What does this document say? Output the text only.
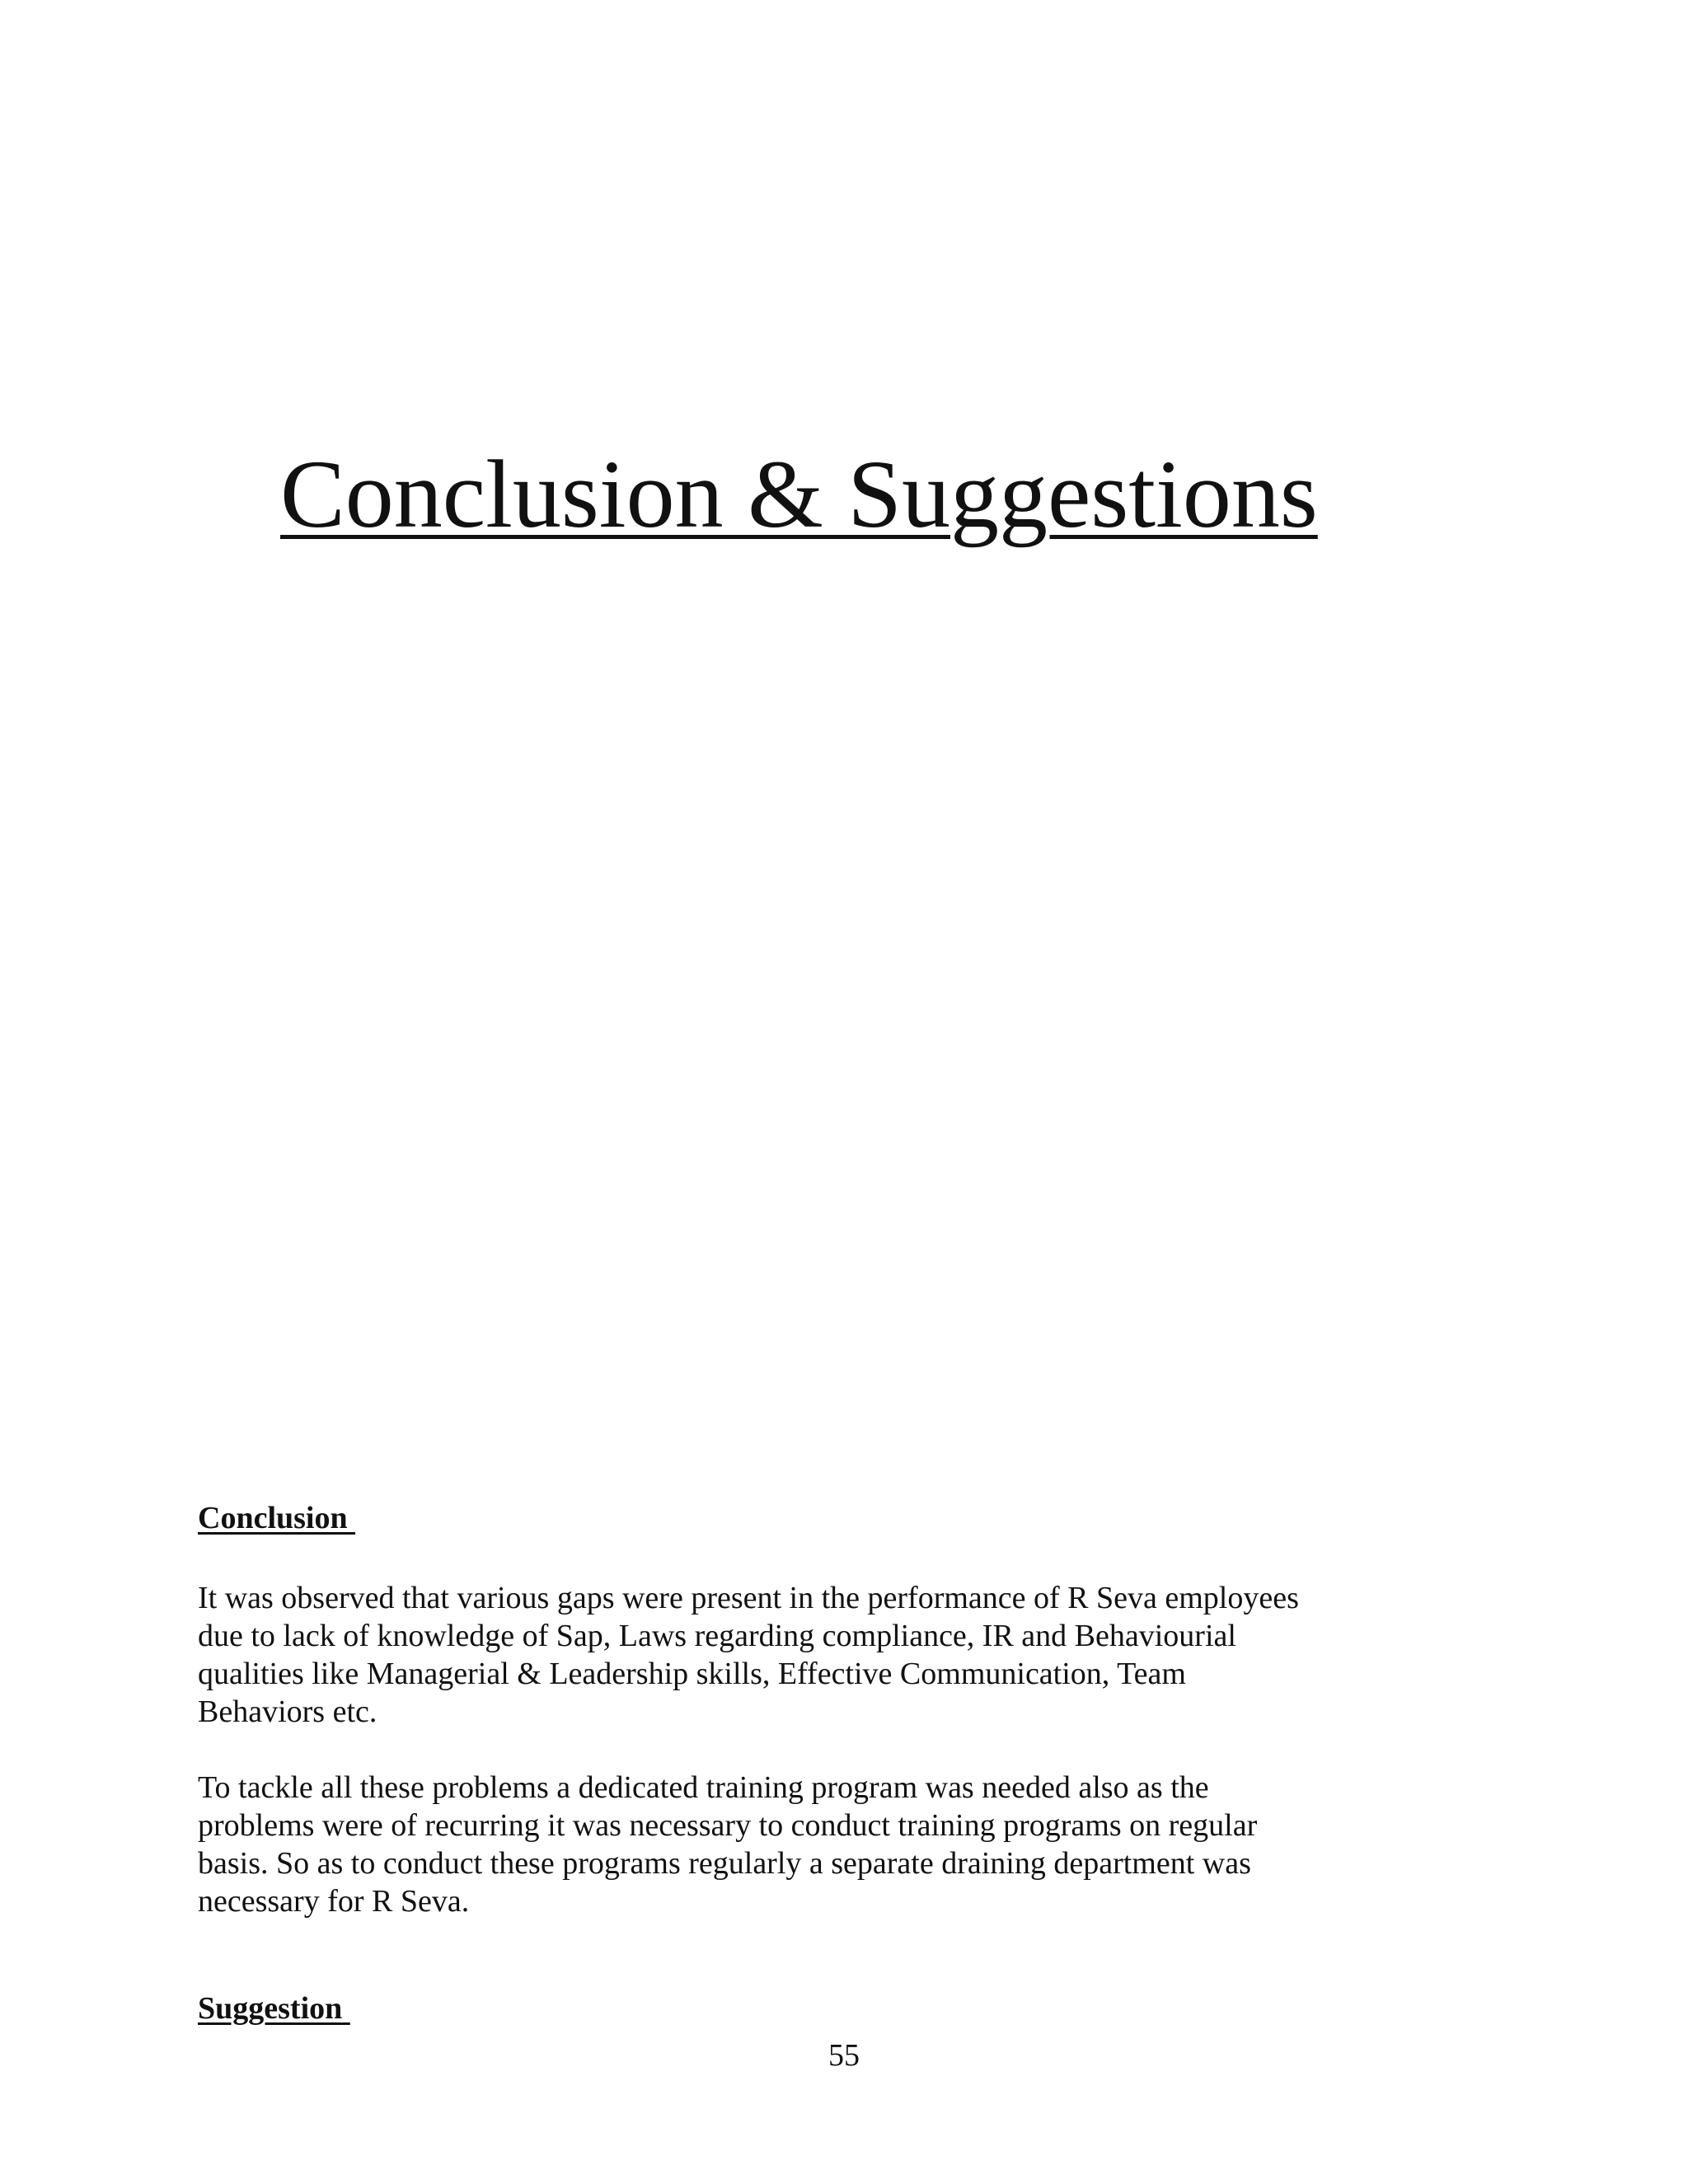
Conclusion & Suggestions
Conclusion

It was observed that various gaps were present in the performance of R Seva employees
due to lack of knowledge of Sap, Laws regarding compliance, IR and Behaviourial
qualities like Managerial & Leadership skills, Effective Communication, Team
Behaviors etc.

To tackle all these problems a dedicated training program was needed also as the
problems were of recurring it was necessary to conduct training programs on regular
basis. So as to conduct these programs regularly a separate draining department was
necessary for R Seva.

Suggestion
55
